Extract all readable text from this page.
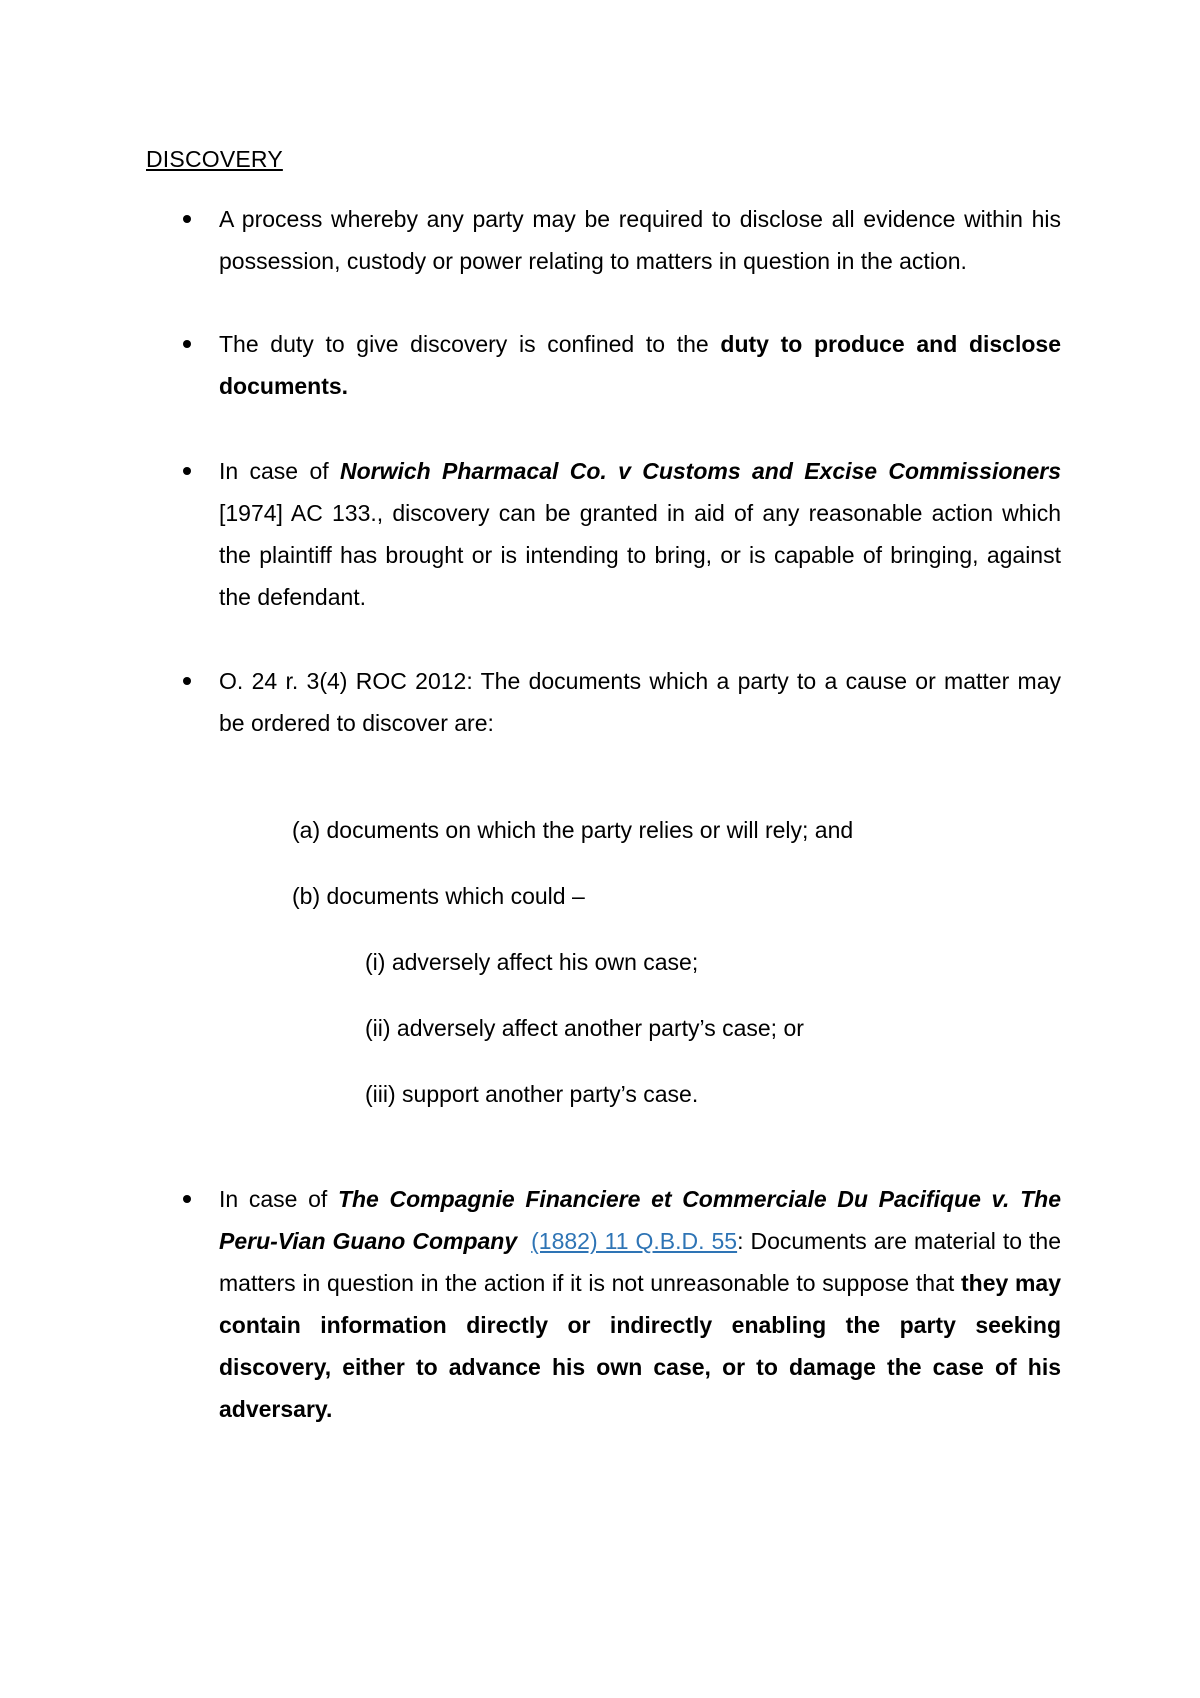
DISCOVERY

A process whereby any party may be required to disclose all evidence within his possession, custody or power relating to matters in question in the action.

The duty to give discovery is confined to the duty to produce and disclose documents.

In case of Norwich Pharmacal Co. v Customs and Excise Commissioners [1974] AC 133., discovery can be granted in aid of any reasonable action which the plaintiff has brought or is intending to bring, or is capable of bringing, against the defendant.

O. 24 r. 3(4) ROC 2012: The documents which a party to a cause or matter may be ordered to discover are:

(a) documents on which the party relies or will rely; and

(b) documents which could –

(i) adversely affect his own case;

(ii) adversely affect another party’s case; or

(iii) support another party’s case.

In case of The Compagnie Financiere et Commerciale Du Pacifique v. The Peru-Vian Guano Company (1882) 11 Q.B.D. 55: Documents are material to the matters in question in the action if it is not unreasonable to suppose that they may contain information directly or indirectly enabling the party seeking discovery, either to advance his own case, or to damage the case of his adversary.
